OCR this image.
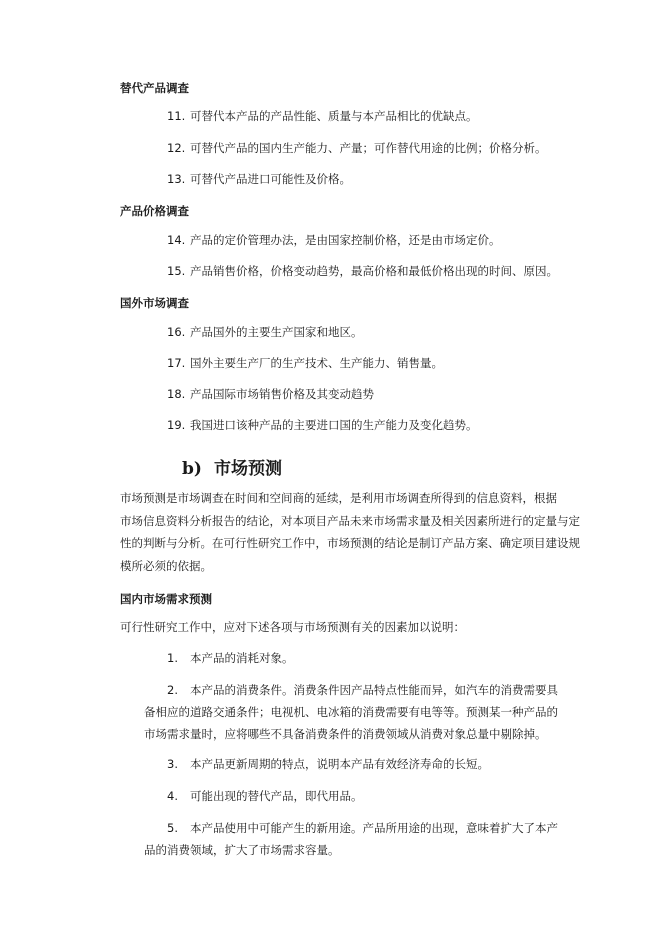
替代产品调查
11. 可替代本产品的产品性能、质量与本产品相比的优缺点。
12. 可替代产品的国内生产能力、产量；可作替代用途的比例；价格分析。
13. 可替代产品进口可能性及价格。
产品价格调查
14. 产品的定价管理办法，是由国家控制价格，还是由市场定价。
15. 产品销售价格，价格变动趋势，最高价格和最低价格出现的时间、原因。
国外市场调查
16. 产品国外的主要生产国家和地区。
17. 国外主要生产厂的生产技术、生产能力、销售量。
18. 产品国际市场销售价格及其变动趋势
19. 我国进口该种产品的主要进口国的生产能力及变化趋势。
b) 市场预测
市场预测是市场调查在时间和空间商的延续，是利用市场调查所得到的信息资料，根据
市场信息资料分析报告的结论，对本项目产品未来市场需求量及相关因素所进行的定量与定
性的判断与分析。在可行性研究工作中，市场预测的结论是制订产品方案、确定项目建设规
模所必须的依据。
国内市场需求预测
可行性研究工作中，应对下述各项与市场预测有关的因素加以说明：
1. 本产品的消耗对象。
2. 本产品的消费条件。消费条件因产品特点性能而异，如汽车的消费需要具
备相应的道路交通条件；电视机、电冰箱的消费需要有电等等。预测某一种产品的
市场需求量时，应将哪些不具备消费条件的消费领域从消费对象总量中剔除掉。
3. 本产品更新周期的特点，说明本产品有效经济寿命的长短。
4. 可能出现的替代产品，即代用品。
5. 本产品使用中可能产生的新用途。产品所用途的出现，意味着扩大了本产
品的消费领域，扩大了市场需求容量。
